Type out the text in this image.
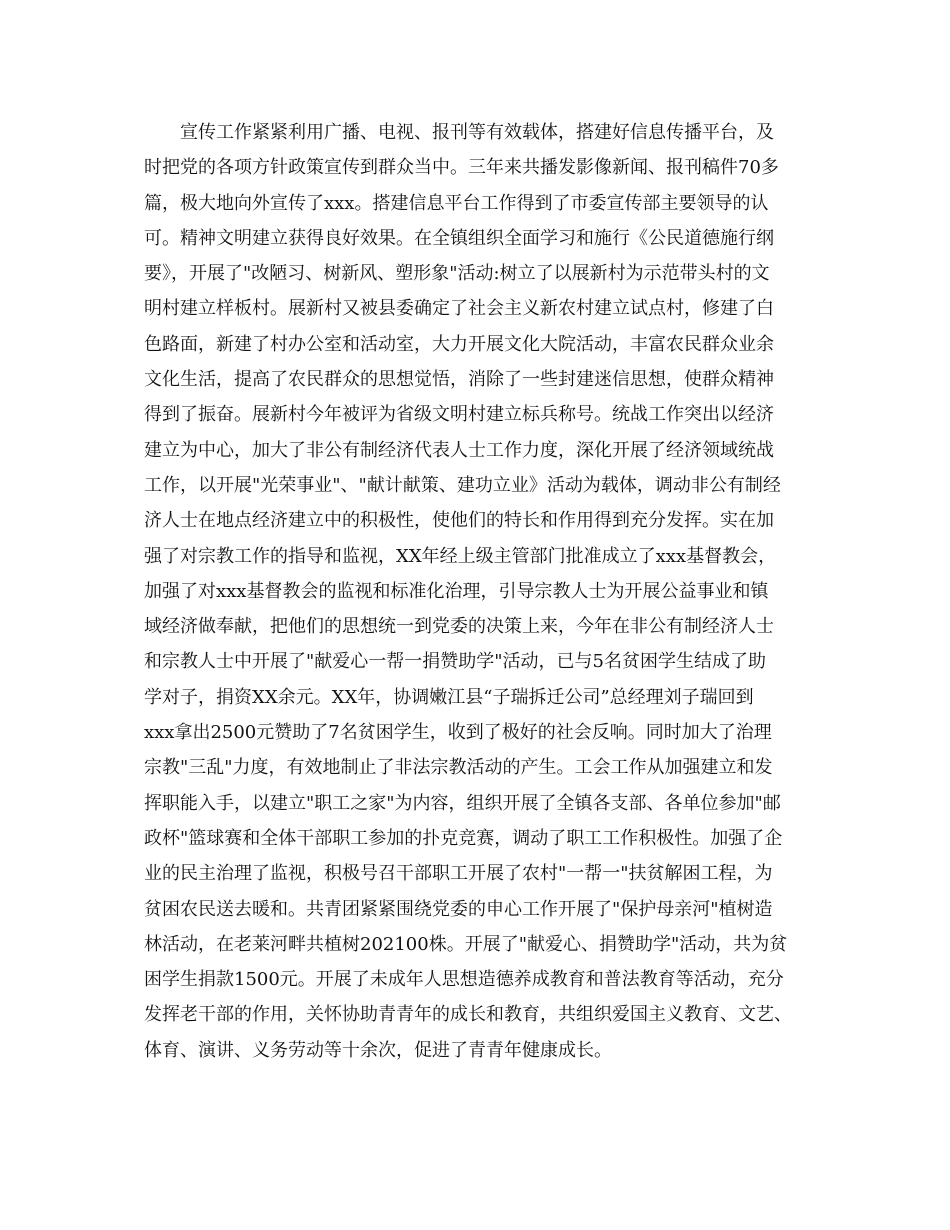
　　宣传工作紧紧利用广播、电视、报刊等有效载体，搭建好信息传播平台，及
时把党的各项方针政策宣传到群众当中。三年来共播发影像新闻、报刊稿件70多
篇，极大地向外宣传了xxx。搭建信息平台工作得到了市委宣传部主要领导的认
可。精神文明建立获得良好效果。在全镇组织全面学习和施行《公民道德施行纲
要》，开展了"改陋习、树新风、塑形象"活动:树立了以展新村为示范带头村的文
明村建立样板村。展新村又被县委确定了社会主义新农村建立试点村，修建了白
色路面，新建了村办公室和活动室，大力开展文化大院活动，丰富农民群众业余
文化生活，提高了农民群众的思想觉悟，消除了一些封建迷信思想，使群众精神
得到了振奋。展新村今年被评为省级文明村建立标兵称号。统战工作突出以经济
建立为中心，加大了非公有制经济代表人士工作力度，深化开展了经济领域统战
工作，以开展"光荣事业"、"献计献策、建功立业》活动为载体，调动非公有制经
济人士在地点经济建立中的积极性，使他们的特长和作用得到充分发挥。实在加
强了对宗教工作的指导和监视，XX年经上级主管部门批准成立了xxx基督教会，
加强了对xxx基督教会的监视和标准化治理，引导宗教人士为开展公益事业和镇
域经济做奉献，把他们的思想统一到党委的决策上来，今年在非公有制经济人士
和宗教人士中开展了"献爱心一帮一捐赞助学"活动，已与5名贫困学生结成了助
学对子，捐资XX余元。XX年，协调嫩江县“子瑞拆迁公司”总经理刘子瑞回到
xxx拿出2500元赞助了7名贫困学生，收到了极好的社会反响。同时加大了治理
宗教"三乱"力度，有效地制止了非法宗教活动的产生。工会工作从加强建立和发
挥职能入手，以建立"职工之家"为内容，组织开展了全镇各支部、各单位参加"邮
政杯"篮球赛和全体干部职工参加的扑克竞赛，调动了职工工作积极性。加强了企
业的民主治理了监视，积极号召干部职工开展了农村"一帮一"扶贫解困工程，为
贫困农民送去暖和。共青团紧紧围绕党委的申心工作开展了"保护母亲河"植树造
林活动，在老莱河畔共植树202100株。开展了"献爱心、捐赞助学"活动，共为贫
困学生捐款1500元。开展了未成年人思想造德养成教育和普法教育等活动，充分
发挥老干部的作用，关怀协助青青年的成长和教育，共组织爱国主义教育、文艺、
体育、演讲、义务劳动等十余次，促进了青青年健康成长。
